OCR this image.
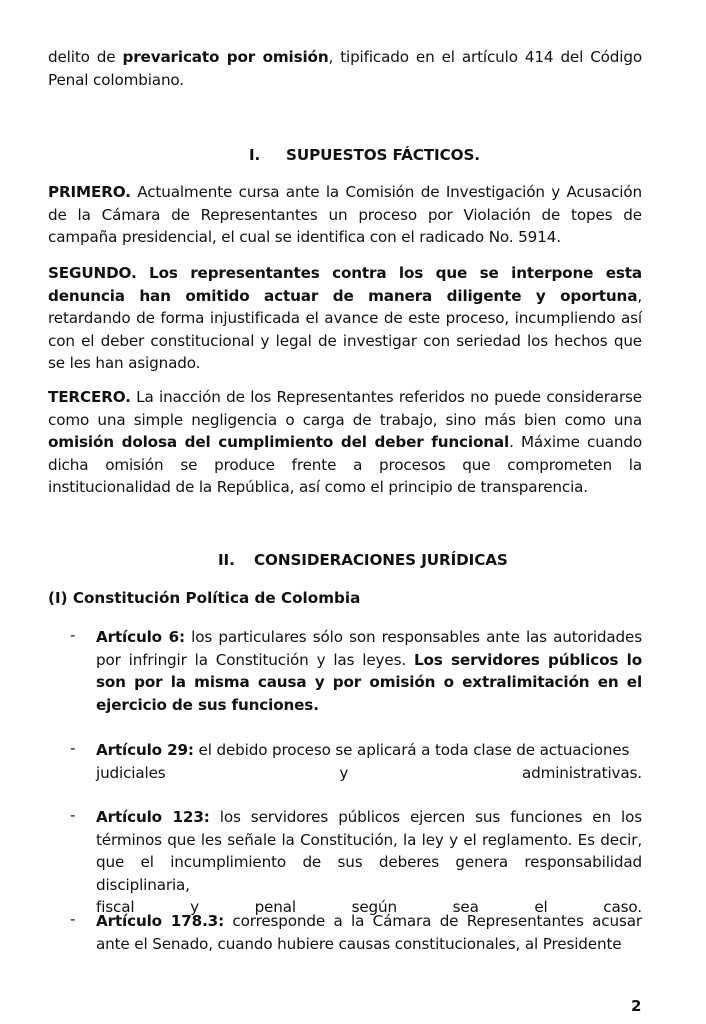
delito de prevaricato por omisión, tipificado en el artículo 414 del Código Penal colombiano.
I. SUPUESTOS FÁCTICOS.
PRIMERO. Actualmente cursa ante la Comisión de Investigación y Acusación de la Cámara de Representantes un proceso por Violación de topes de campaña presidencial, el cual se identifica con el radicado No. 5914.
SEGUNDO. Los representantes contra los que se interpone esta denuncia han omitido actuar de manera diligente y oportuna, retardando de forma injustificada el avance de este proceso, incumpliendo así con el deber constitucional y legal de investigar con seriedad los hechos que se les han asignado.
TERCERO. La inacción de los Representantes referidos no puede considerarse como una simple negligencia o carga de trabajo, sino más bien como una omisión dolosa del cumplimiento del deber funcional. Máxime cuando dicha omisión se produce frente a procesos que comprometen la institucionalidad de la República, así como el principio de transparencia.
II. CONSIDERACIONES JURÍDICAS
(I) Constitución Política de Colombia
- Artículo 6: los particulares sólo son responsables ante las autoridades por infringir la Constitución y las leyes. Los servidores públicos lo son por la misma causa y por omisión o extralimitación en el ejercicio de sus funciones.
- Artículo 29: el debido proceso se aplicará a toda clase de actuaciones
judiciales	y	administrativas.
- Artículo 123: los servidores públicos ejercen sus funciones en los términos que les señale la Constitución, la ley y el reglamento. Es decir, que el incumplimiento de sus deberes genera responsabilidad disciplinaria,
fiscal	y	penal	según	sea	el	caso.
- Artículo 178.3: corresponde a la Cámara de Representantes acusar ante el Senado, cuando hubiere causas constitucionales, al Presidente
2
